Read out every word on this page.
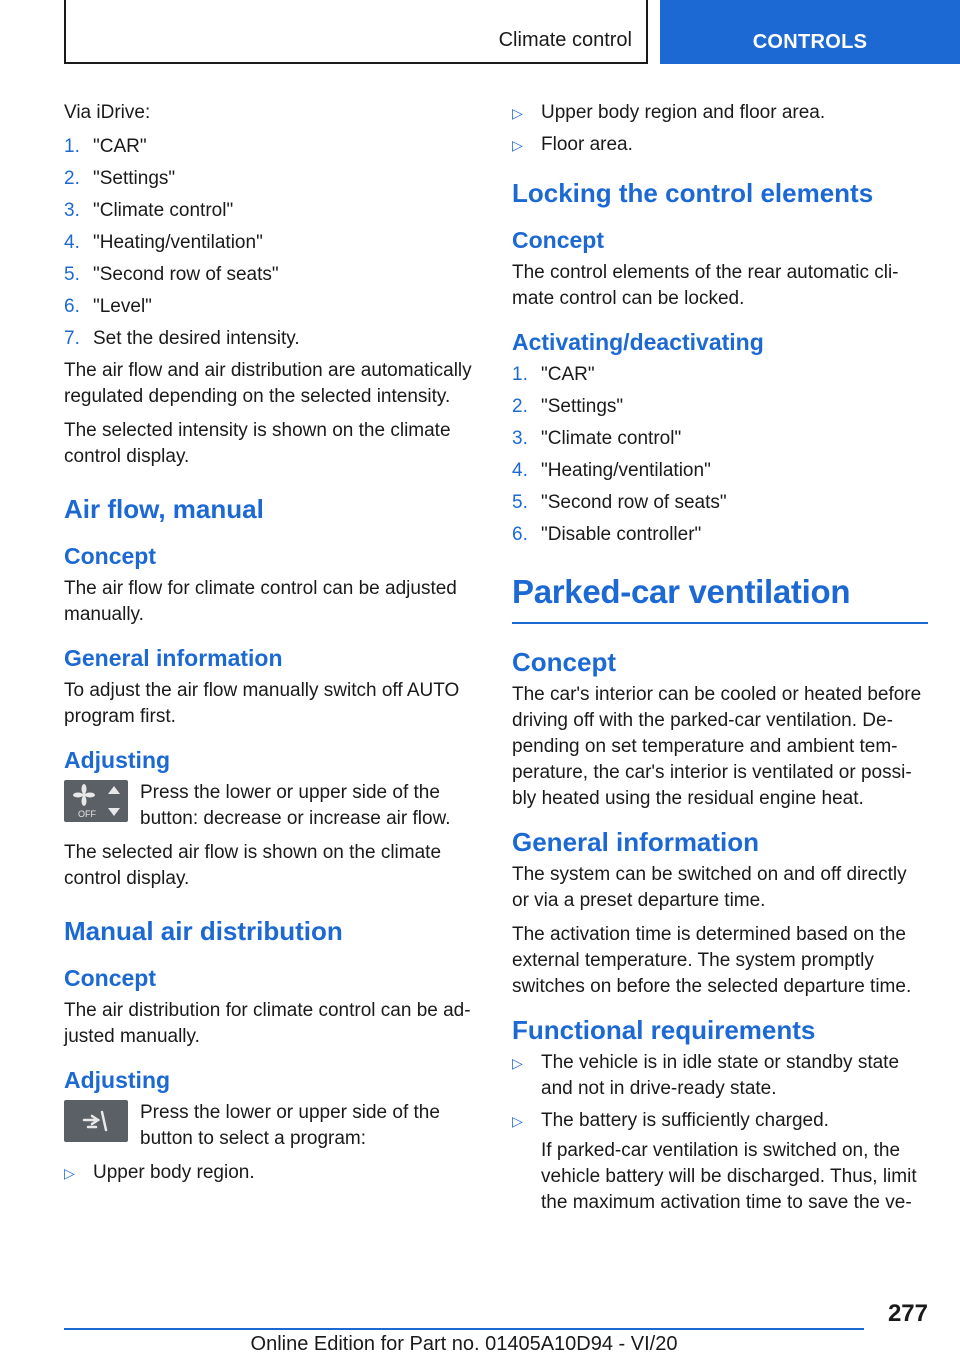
Climate control	CONTROLS

Via iDrive:

1. "CAR"
2. "Settings"
3. "Climate control"
4. "Heating/ventilation"
5. "Second row of seats"
6. "Level"
7. Set the desired intensity.

The air flow and air distribution are automatically regulated depending on the selected intensity.

The selected intensity is shown on the climate control display.

Air flow, manual
Concept

The air flow for climate control can be adjusted manually.

General information

To adjust the air flow manually switch off AUTO program first.

Adjusting
OFF

Press the lower or upper side of the button: decrease or increase air flow.

The selected air flow is shown on the climate control display.

Manual air distribution
Concept

The air distribution for climate control can be ad‐justed manually.

Adjusting

Press the lower or upper side of the button to select a program:

▷ Upper body region.
▷ Upper body region and floor area.
▷ Floor area.
Locking the control elements
Concept

The control elements of the rear automatic cli‐mate control can be locked.

Activating/deactivating
1. "CAR"
2. "Settings"
3. "Climate control"
4. "Heating/ventilation"
5. "Second row of seats"
6. "Disable controller"
Parked-car ventilation
Concept

The car's interior can be cooled or heated before driving off with the parked-car ventilation. De‐pending on set temperature and ambient tem‐perature, the car's interior is ventilated or possi‐bly heated using the residual engine heat.

General information

The system can be switched on and off directly or via a preset departure time.

The activation time is determined based on the external temperature. The system promptly switches on before the selected departure time.

Functional requirements
▷ The vehicle is in idle state or standby state and not in drive-ready state.
▷ The battery is sufficiently charged.
If parked-car ventilation is switched on, the vehicle battery will be discharged. Thus, limit the maximum activation time to save the ve‐
277
Online Edition for Part no. 01405A10D94 - VI/20
